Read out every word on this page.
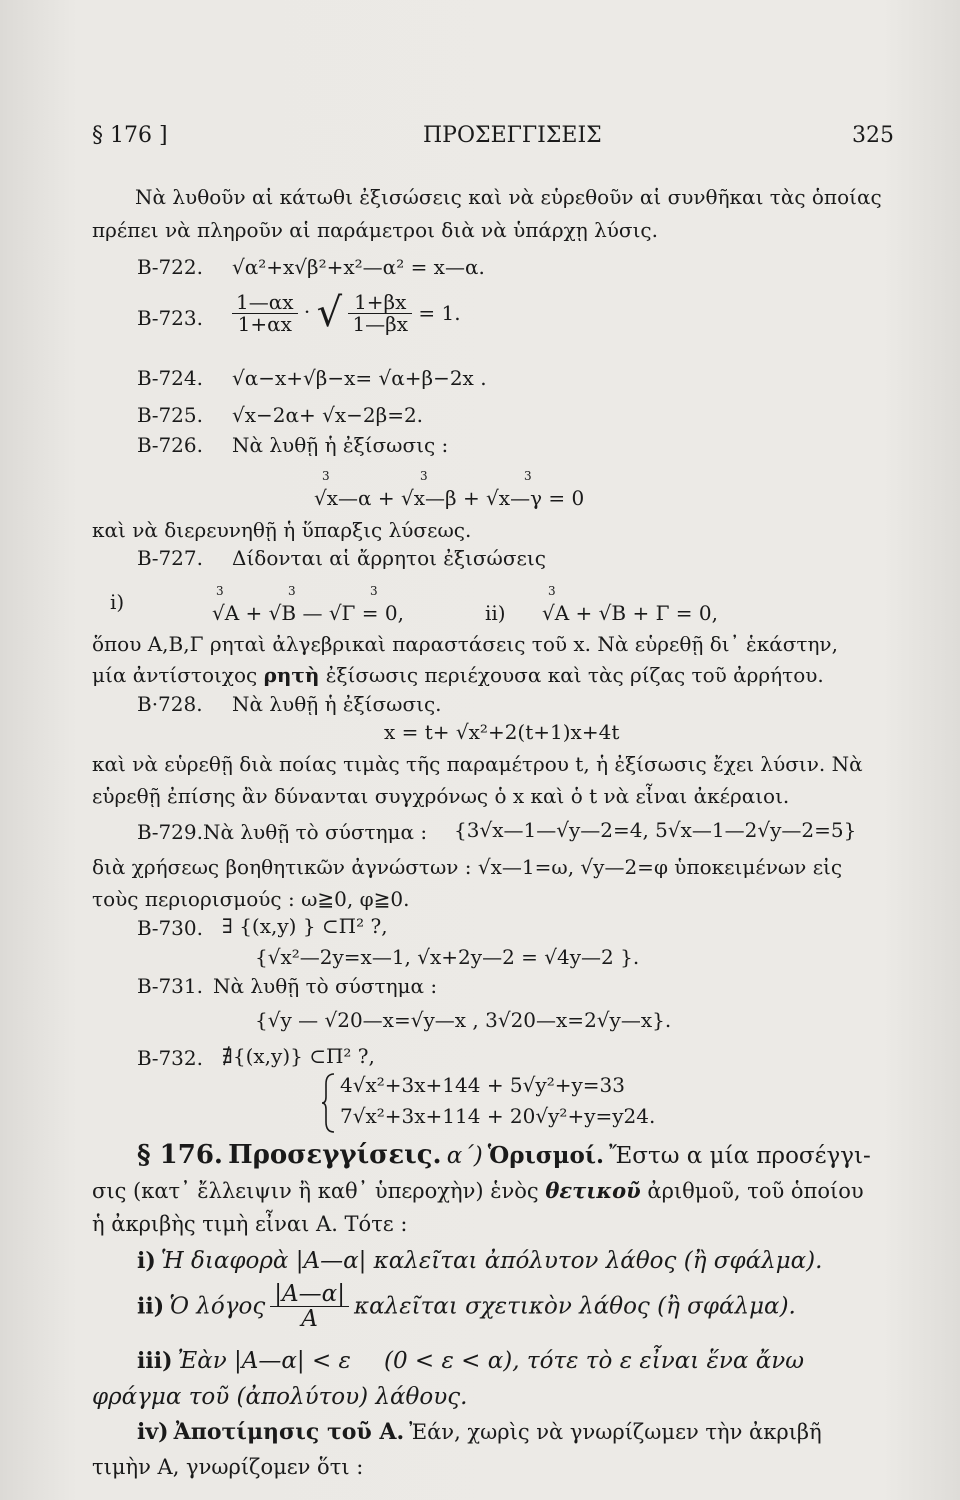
§ 176 ]	ΠΡΟΣΕΓΓΙΣΕΙΣ	325
Νὰ λυθοῦν αἱ κάτωθι ἐξισώσεις καὶ νὰ εὑρεθοῦν αἱ συνθῆκαι τὰς ὁποίας
πρέπει νὰ πληροῦν αἱ παράμετροι διὰ νὰ ὑπάρχῃ λύσις.
Β-722. √α²+x√β²+x²—α² = x—α.
Β-723. $\frac{1—\alpha x}{1+\alpha x}$ · √ $\frac{1+\beta x}{1—\beta x} = 1$.
Β-724. √α−x+√β−x= √α+β−2x .
Β-725. √x−2α+ √x−2β=2.
Β-726. Νὰ λυθῇ ἡ ἐξίσωσις :
3	3	3
√x—α + √x—β + √x—γ = 0
καὶ νὰ διερευνηθῇ ἡ ὕπαρξις λύσεως.
Β-727. Δίδονται αἱ ἄρρητοι ἐξισώσεις
i)	3	3	3	3
√A + √B — √Γ = 0,	ii) √A + √B + Γ = 0,
ὅπου Α,Β,Γ ρηταὶ ἀλγεβρικαὶ παραστάσεις τοῦ x. Νὰ εὑρεθῇ δι᾽ ἑκάστην,
μία ἀντίστοιχος ρητὴ ἐξίσωσις περιέχουσα καὶ τὰς ρίζας τοῦ ἀρρήτου.
Β·728. Νὰ λυθῇ ἡ ἐξίσωσις.
x = t+ √x²+2(t+1)x+4t
καὶ νὰ εὑρεθῇ διὰ ποίας τιμὰς τῆς παραμέτρου t, ἡ ἐξίσωσις ἔχει λύσιν. Νὰ
εὑρεθῇ ἐπίσης ἂν δύνανται συγχρόνως ὁ x καὶ ὁ t νὰ εἶναι ἀκέραιοι.
Β-729. Νὰ λυθῇ τὸ σύστημα : {3√x—1—√y—2=4, 5√x—1—2√y—2=5}
διὰ χρήσεως βοηθητικῶν ἀγνώστων : √x—1=ω, √y—2=φ ὑποκειμένων εἰς
τοὺς περιορισμούς : ω≧0, φ≧0.
Β-730. ∃ {(x,y) } ⊂Π² ?,
{√x²—2y=x—1, √x+2y—2 = √4y—2 }.
Β-731. Νὰ λυθῇ τὸ σύστημα :
{√y — √20—x=√y—x , 3√20—x=2√y—x}.
Β-732. ∄{(x,y)} ⊂Π² ?,
4√x²+3x+144 + 5√y²+y=33
7√x²+3x+114 + 20√y²+y=y24.
§ 176. Προσεγγίσεις. α΄) Ὁρισμοί. Ἔστω α μία προσέγγι-
σις (κατ᾽ ἔλλειψιν ἢ καθ᾽ ὑπεροχὴν) ἑνὸς θετικοῦ ἀριθμοῦ, τοῦ ὁποίου
ἡ ἀκριβὴς τιμὴ εἶναι Α. Τότε :
i) Ἡ διαφορὰ |Α—α| καλεῖται ἀπόλυτον λάθος (ἢ σφάλμα).
ii) Ὁ λόγος $\frac{|A—\alpha|}{A}$ καλεῖται σχετικὸν λάθος (ἢ σφάλμα).
iii) Ἐὰν |Α—α| < ε (0 < ε < α), τότε τὸ ε εἶναι ἕνα ἄνω
φράγμα τοῦ (ἀπολύτου) λάθους.
iv) Ἀποτίμησις τοῦ Α. Ἐάν, χωρὶς νὰ γνωρίζωμεν τὴν ἀκριβῆ
τιμὴν Α, γνωρίζομεν ὅτι :
